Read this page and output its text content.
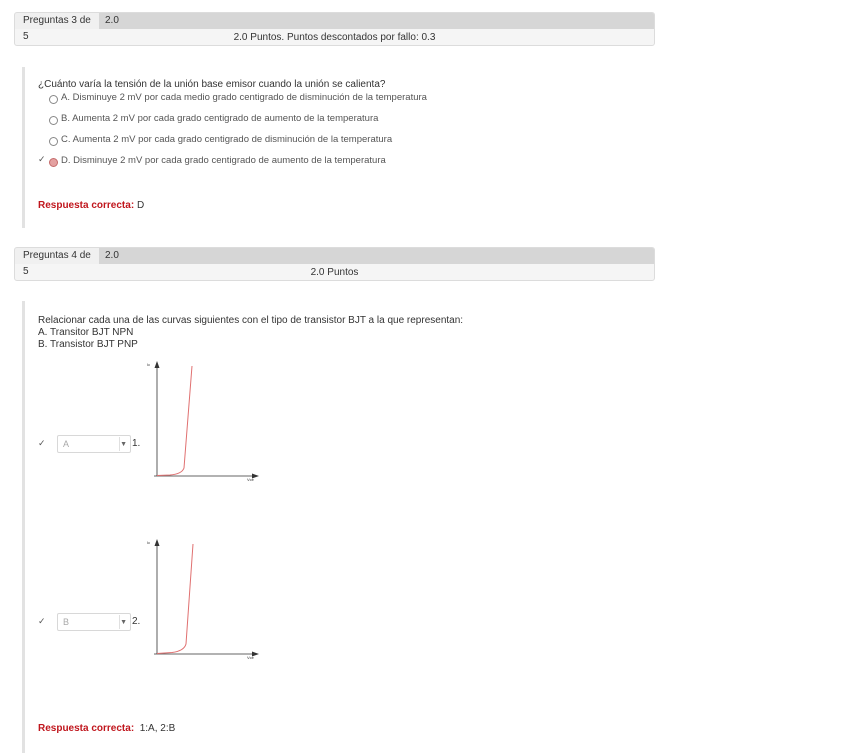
Preguntas 3 de 5
2.0
2.0 Puntos. Puntos descontados por fallo: 0.3
¿Cuánto varía la tensión de la unión base emisor cuando la unión se calienta?
A. Disminuye 2 mV por cada medio grado centigrado de disminución de la temperatura
B. Aumenta 2 mV por cada grado centigrado de aumento de la temperatura
C. Aumenta 2 mV por cada grado centigrado de disminución de la temperatura
✓ D. Disminuye 2 mV por cada grado centigrado de aumento de la temperatura
Respuesta correcta: D
Preguntas 4 de 5
2.0
2.0 Puntos
Relacionar cada una de las curvas siguientes con el tipo de transistor BJT a la que representan:
A. Transitor BJT NPN
B. Transistor BJT PNP
✓ A	▼ 1.
Ic
Vce
✓ B	▼ 2.
Ic
Vce
Respuesta correcta: 1:A, 2:B
